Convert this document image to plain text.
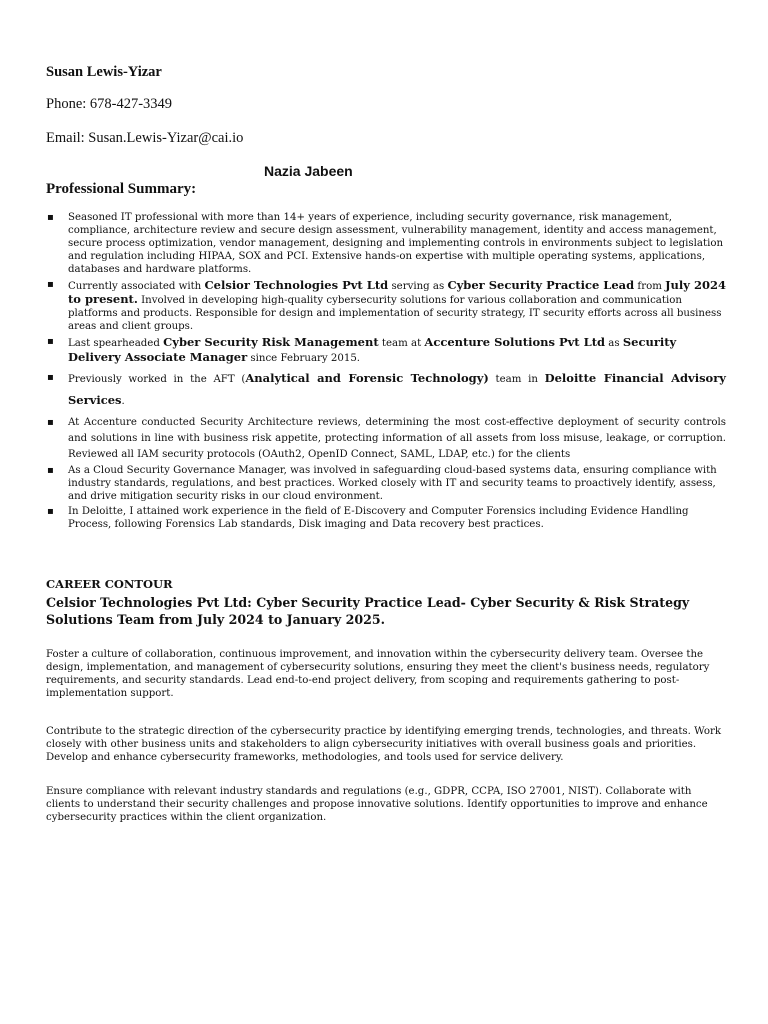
Susan Lewis-Yizar
Phone: 678-427-3349
Email: Susan.Lewis-Yizar@cai.io
Nazia Jabeen
Professional Summary:
▪ Seasoned IT professional with more than 14+ years of experience, including security governance, risk management, compliance, architecture review and secure design assessment, vulnerability management, identity and access management, secure process optimization, vendor management, designing and implementing controls in environments subject to legislation and regulation including HIPAA, SOX and PCI. Extensive hands-on expertise with multiple operating systems, applications, databases and hardware platforms.
▪ Currently associated with Celsior Technologies Pvt Ltd serving as Cyber Security Practice Lead from July 2024 to present. Involved in developing high-quality cybersecurity solutions for various collaboration and communication platforms and products. Responsible for design and implementation of security strategy, IT security efforts across all business areas and client groups.
▪ Last spearheaded Cyber Security Risk Management team at Accenture Solutions Pvt Ltd as Security Delivery Associate Manager since February 2015.
▪ Previously worked in the AFT (Analytical and Forensic Technology) team in Deloitte Financial Advisory Services.
▪ At Accenture conducted Security Architecture reviews, determining the most cost-effective deployment of security controls and solutions in line with business risk appetite, protecting information of all assets from loss misuse, leakage, or corruption. Reviewed all IAM security protocols (OAuth2, OpenID Connect, SAML, LDAP, etc.) for the clients
▪ As a Cloud Security Governance Manager, was involved in safeguarding cloud-based systems data, ensuring compliance with industry standards, regulations, and best practices. Worked closely with IT and security teams to proactively identify, assess, and drive mitigation security risks in our cloud environment.
▪ In Deloitte, I attained work experience in the field of E-Discovery and Computer Forensics including Evidence Handling Process, following Forensics Lab standards, Disk imaging and Data recovery best practices.
CAREER CONTOUR
Celsior Technologies Pvt Ltd: Cyber Security Practice Lead- Cyber Security & Risk Strategy Solutions Team from July 2024 to January 2025.

Foster a culture of collaboration, continuous improvement, and innovation within the cybersecurity delivery team. Oversee the design, implementation, and management of cybersecurity solutions, ensuring they meet the client's business needs, regulatory requirements, and security standards. Lead end-to-end project delivery, from scoping and requirements gathering to post-implementation support.

Contribute to the strategic direction of the cybersecurity practice by identifying emerging trends, technologies, and threats. Work closely with other business units and stakeholders to align cybersecurity initiatives with overall business goals and priorities. Develop and enhance cybersecurity frameworks, methodologies, and tools used for service delivery.

Ensure compliance with relevant industry standards and regulations (e.g., GDPR, CCPA, ISO 27001, NIST). Collaborate with clients to understand their security challenges and propose innovative solutions. Identify opportunities to improve and enhance cybersecurity practices within the client organization.
